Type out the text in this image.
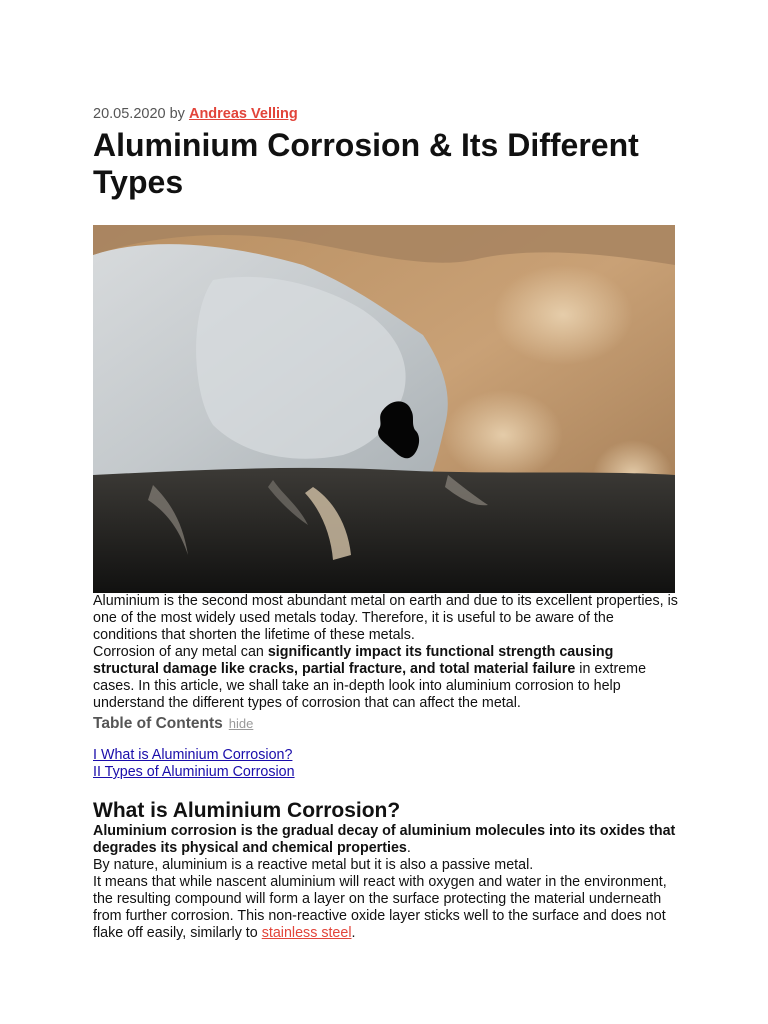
20.05.2020 by Andreas Velling
Aluminium Corrosion & Its Different Types

Aluminium is the second most abundant metal on earth and due to its excellent properties, is one of the most widely used metals today. Therefore, it is useful to be aware of the conditions that shorten the lifetime of these metals.

Corrosion of any metal can significantly impact its functional strength causing structural damage like cracks, partial fracture, and total material failure in extreme cases. In this article, we shall take an in-depth look into aluminium corrosion to help understand the different types of corrosion that can affect the metal.

Table of Contents hide
I What is Aluminium Corrosion?
II Types of Aluminium Corrosion
What is Aluminium Corrosion?

Aluminium corrosion is the gradual decay of aluminium molecules into its oxides that degrades its physical and chemical properties.

By nature, aluminium is a reactive metal but it is also a passive metal.

It means that while nascent aluminium will react with oxygen and water in the environment, the resulting compound will form a layer on the surface protecting the material underneath from further corrosion. This non-reactive oxide layer sticks well to the surface and does not flake off easily, similarly to stainless steel.
